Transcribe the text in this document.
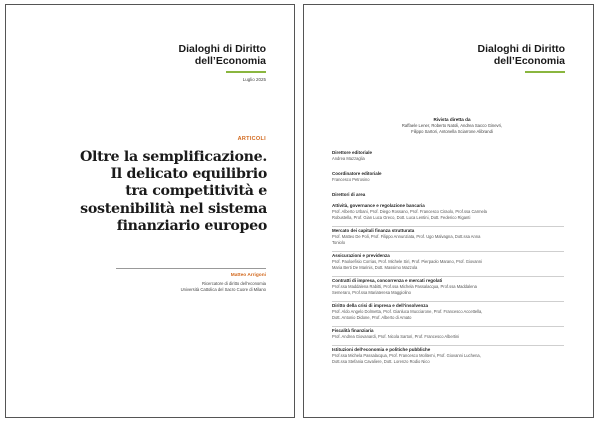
Dialoghi di Diritto
dell’Economia
Luglio 2025
ARTICOLI
Oltre la semplificazione.
Il delicato equilibrio
tra competitività e
sostenibilità nel sistema
finanziario europeo
Matteo Arrigoni
Ricercatore di diritto dell’economia
Università Cattolica del Sacro Cuore di Milano
Dialoghi di Diritto
dell’Economia
Rivista diretta da
Raffaele Lener, Roberto Natoli, Andrea Sacco Ginevri,
Filippo Sartori, Antonella Sciarrone Alibrandi
Direttore editoriale
Andrea Mazzaglia
Coordinatore editoriale
Francesco Petrosino
Direttori di area
Attività, governance e regolazione bancaria
Prof. Alberto Urbani, Prof. Diego Rossano, Prof. Francesco Ciraolo, Prof.ssa Carmela
Robustella, Prof. Gian Luca Greco, Dott. Luca Lentini, Dott. Federico Riganti
Mercato dei capitali finanza strutturata
Prof. Matteo De Poli, Prof. Filippo Annunziata, Prof. Ugo Malvagna, Dott.ssa Anna
Toniolo
Assicurazioni e previdenza
Prof. Paoloefisio Corrias, Prof. Michele Siri, Prof. Pierpaolo Marano, Prof. Giovanni
Maria Berti De Marinis, Dott. Massimo Mazzola
Contratti di impresa, concorrenza e mercati regolati
Prof.ssa Maddalena Rabitti, Prof.ssa Michela Passalacqua, Prof.ssa Maddalena
Semeraro, Prof.ssa Mariateresa Maggiolino
Diritto della crisi di impresa e dell’insolvenza
Prof. Aldo Angelo Dolmetta, Prof. Gianluca Mucciarone, Prof. Francesco Accettella,
Dott. Antonio Didone, Prof. Alberto di Amato
Fiscalità finanziaria
Prof. Andrea Giovanardi, Prof. Nicola Sartori, Prof. Francesco Albertini
Istituzioni dell’economia e politiche pubbliche
Prof.ssa Michela Passalacqua, Prof. Francesco Moliterni, Prof. Giovanni Luchena,
Dott.ssa Stefania Cavaliere, Dott. Lorenzo Rodio Nico
